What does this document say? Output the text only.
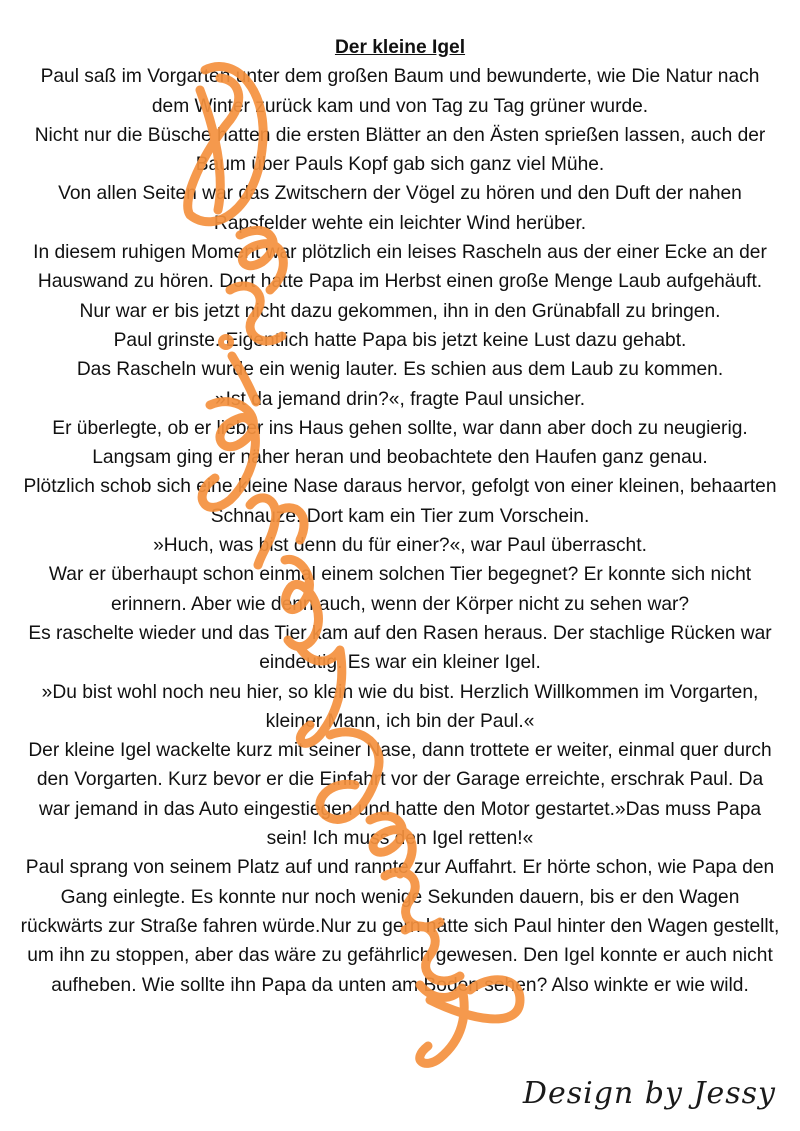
Der kleine Igel

Paul saß im Vorgarten unter dem großen Baum und bewunderte, wie Die Natur nach dem Winter zurück kam und von Tag zu Tag grüner wurde.

Nicht nur die Büsche hatten die ersten Blätter an den Ästen sprießen lassen, auch der Baum über Pauls Kopf gab sich ganz viel Mühe.

Von allen Seiten war das Zwitschern der Vögel zu hören und den Duft der nahen Rapsfelder wehte ein leichter Wind herüber.

In diesem ruhigen Moment war plötzlich ein leises Rascheln aus der einer Ecke an der Hauswand zu hören. Dort hatte Papa im Herbst einen große Menge Laub aufgehäuft. Nur war er bis jetzt nicht dazu gekommen, ihn in den Grünabfall zu bringen.

Paul grinste. Eigentlich hatte Papa bis jetzt keine Lust dazu gehabt.

Das Rascheln wurde ein wenig lauter. Es schien aus dem Laub zu kommen.

»Ist da jemand drin?«, fragte Paul unsicher.

Er überlegte, ob er lieber ins Haus gehen sollte, war dann aber doch zu neugierig. Langsam ging er näher heran und beobachtete den Haufen ganz genau.

Plötzlich schob sich eine kleine Nase daraus hervor, gefolgt von einer kleinen, behaarten Schnauze. Dort kam ein Tier zum Vorschein.

»Huch, was bist denn du für einer?«, war Paul überrascht.

War er überhaupt schon einmal einem solchen Tier begegnet? Er konnte sich nicht erinnern. Aber wie denn auch, wenn der Körper nicht zu sehen war?

Es raschelte wieder und das Tier kam auf den Rasen heraus. Der stachlige Rücken war eindeutig. Es war ein kleiner Igel.

»Du bist wohl noch neu hier, so klein wie du bist. Herzlich Willkommen im Vorgarten, kleiner Mann, ich bin der Paul.«

Der kleine Igel wackelte kurz mit seiner Nase, dann trottete er weiter, einmal quer durch den Vorgarten. Kurz bevor er die Einfahrt vor der Garage erreichte, erschrak Paul. Da war jemand in das Auto eingestiegen und hatte den Motor gestartet.»Das muss Papa sein! Ich muss den Igel retten!«

Paul sprang von seinem Platz auf und rannte zur Auffahrt. Er hörte schon, wie Papa den Gang einlegte. Es konnte nur noch wenige Sekunden dauern, bis er den Wagen rückwärts zur Straße fahren würde.Nur zu gern hätte sich Paul hinter den Wagen gestellt, um ihn zu stoppen, aber das wäre zu gefährlich gewesen. Den Igel konnte er auch nicht aufheben. Wie sollte ihn Papa da unten am Boden sehen? Also winkte er wie wild.

Design by Jessy
